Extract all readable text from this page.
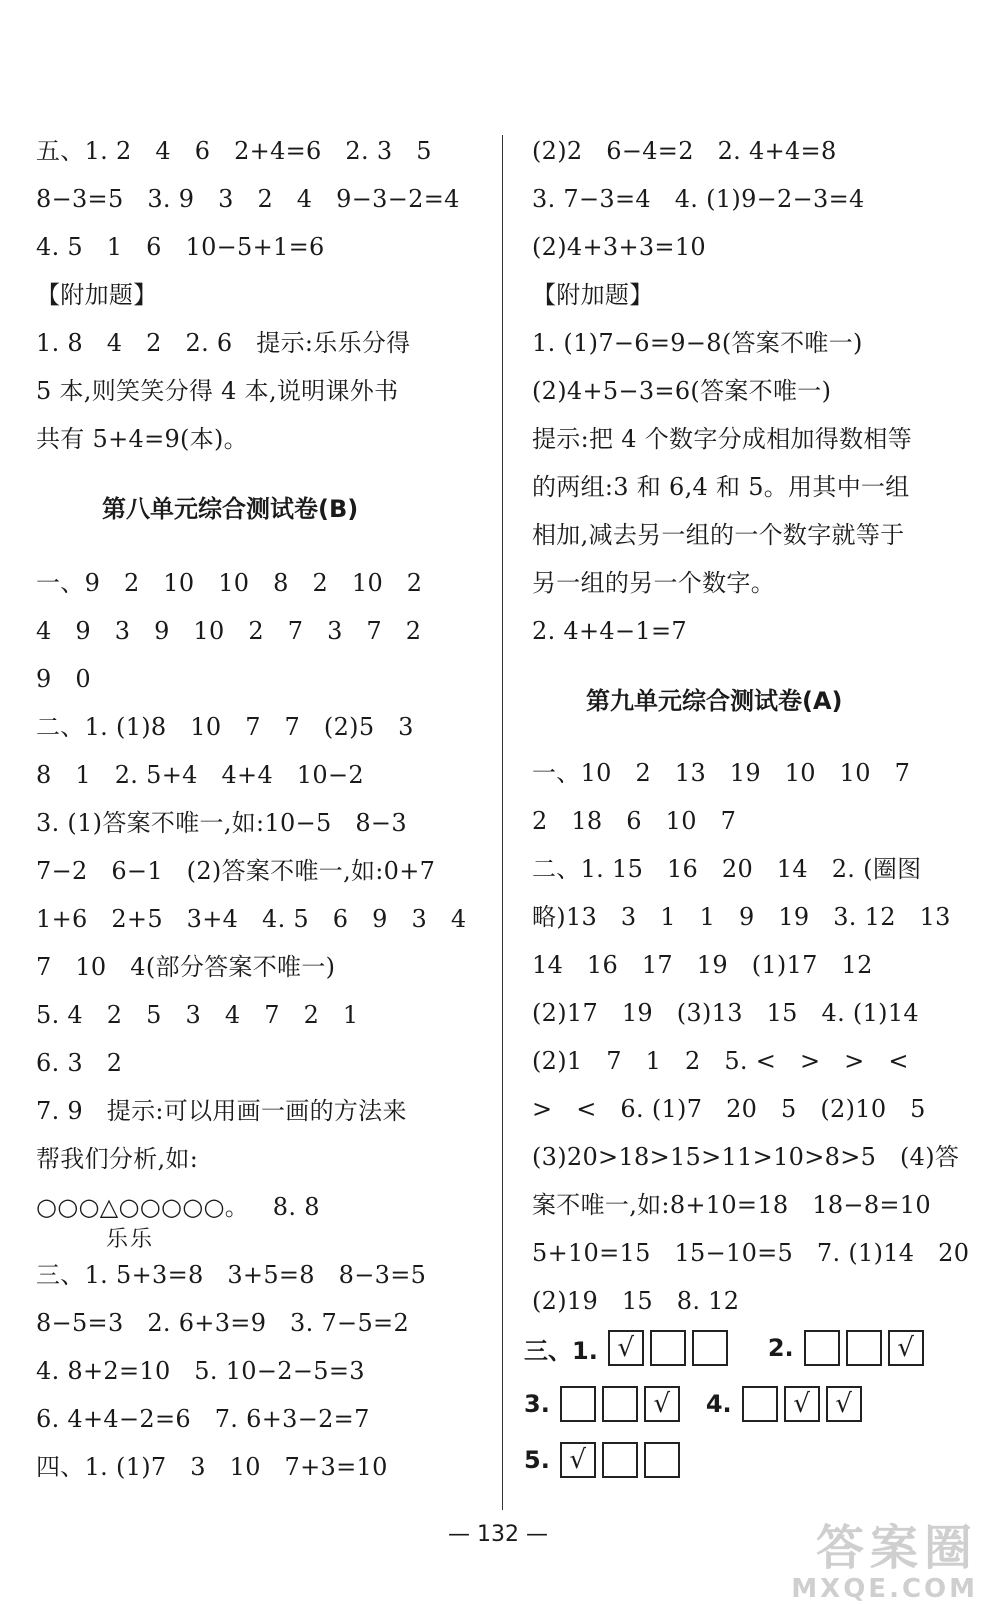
五、1. 2   4   6   2+4=6   2. 3   5
8−3=5   3. 9   3   2   4   9−3−2=4
4. 5   1   6   10−5+1=6
【附加题】
1. 8   4   2   2. 6   提示:乐乐分得
5 本,则笑笑分得 4 本,说明课外书
共有 5+4=9(本)。
第八单元综合测试卷(B)
一、9   2   10   10   8   2   10   2
4   9   3   9   10   2   7   3   7   2
9   0
二、1. (1)8   10   7   7   (2)5   3
8   1   2. 5+4   4+4   10−2
3. (1)答案不唯一,如:10−5   8−3
7−2   6−1   (2)答案不唯一,如:0+7
1+6   2+5   3+4   4. 5   6   9   3   4
7   10   4(部分答案不唯一)
5. 4   2   5   3   4   7   2   1
6. 3   2
7. 9   提示:可以用画一画的方法来
帮我们分析,如:
○○○△○○○○○。   8. 8
乐乐
三、1. 5+3=8   3+5=8   8−3=5
8−5=3   2. 6+3=9   3. 7−5=2
4. 8+2=10   5. 10−2−5=3
6. 4+4−2=6   7. 6+3−2=7
四、1. (1)7   3   10   7+3=10
(2)2   6−4=2   2. 4+4=8
3. 7−3=4   4. (1)9−2−3=4
(2)4+3+3=10
【附加题】
1. (1)7−6=9−8(答案不唯一)
(2)4+5−3=6(答案不唯一)
提示:把 4 个数字分成相加得数相等
的两组:3 和 6,4 和 5。用其中一组
相加,减去另一组的一个数字就等于
另一组的另一个数字。
2. 4+4−1=7
第九单元综合测试卷(A)
一、10   2   13   19   10   10   7
2   18   6   10   7
二、1. 15   16   20   14   2. (圈图
略)13   3   1   1   9   19   3. 12   13
14   16   17   19   (1)17   12
(2)17   19   (3)13   15   4. (1)14
(2)1   7   1   2   5. <   >   >   <
>   <   6. (1)7   20   5   (2)10   5
(3)20>18>15>11>10>8>5   (4)答
案不唯一,如:8+10=18   18−8=10
5+10=15   15−10=5   7. (1)14   20
(2)19   15   8. 12
三、1. √	2.	√
3.	√	4.	√ √
5. √
— 132 —	答案圈
MXQE.COM
